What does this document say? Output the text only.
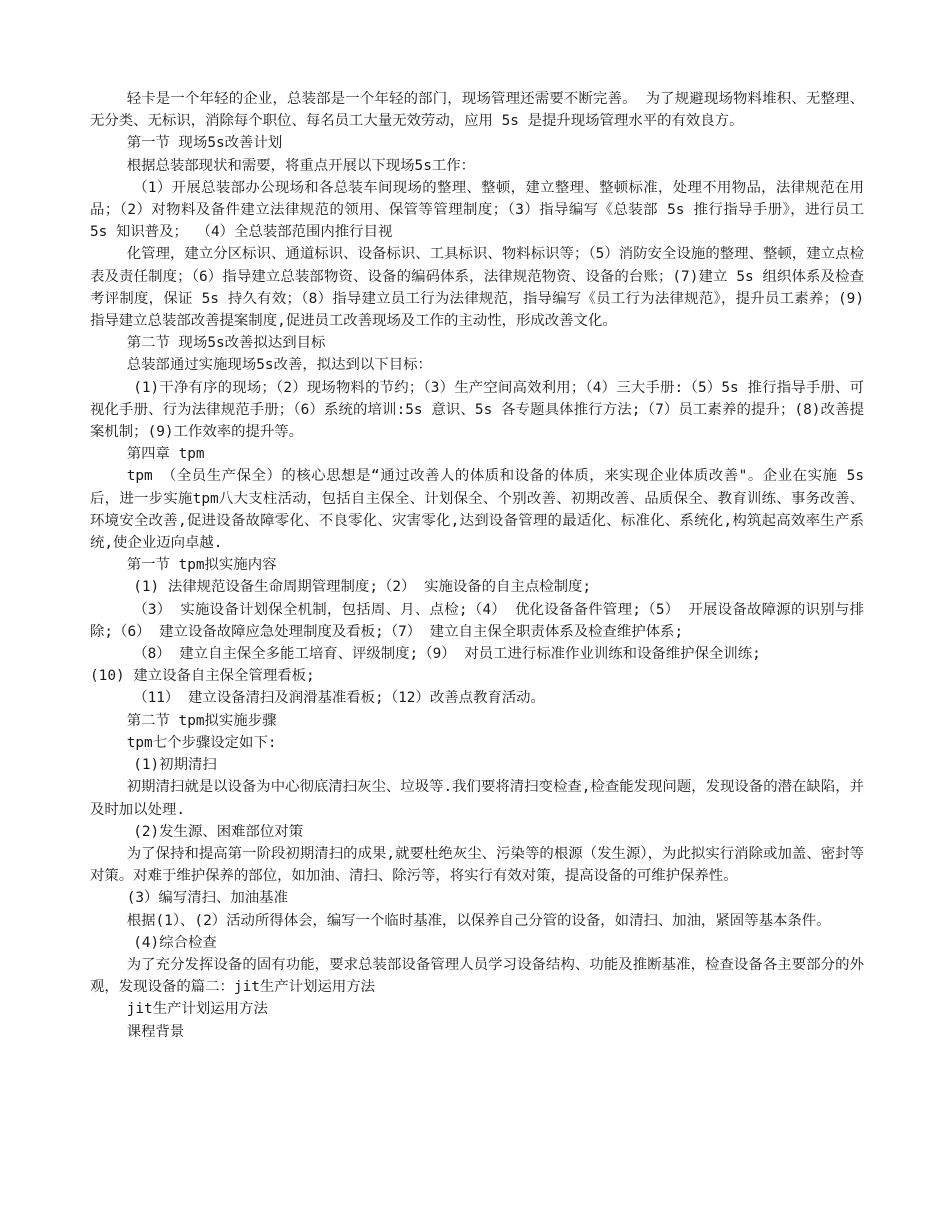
轻卡是一个年轻的企业，总装部是一个年轻的部门，现场管理还需要不断完善。 为了规避现场物料堆积、无整理、无分类、无标识，消除每个职位、每名员工大量无效劳动，应用 5s 是提升现场管理水平的有效良方。

第一节 现场5s改善计划

根据总装部现状和需要，将重点开展以下现场5s工作：

（1）开展总装部办公现场和各总装车间现场的整理、整顿，建立整理、整顿标准，处理不用物品，法律规范在用品；（2）对物料及备件建立法律规范的领用、保管等管理制度；（3）指导编写《总装部 5s 推行指导手册》，进行员工 5s 知识普及； （4）全总装部范围内推行目视

化管理，建立分区标识、通道标识、设备标识、工具标识、物料标识等；（5）消防安全设施的整理、整顿，建立点检表及责任制度；（6）指导建立总装部物资、设备的编码体系，法律规范物资、设备的台账；(7)建立 5s 组织体系及检查考评制度，保证 5s 持久有效；（8）指导建立员工行为法律规范，指导编写《员工行为法律规范》，提升员工素养；(9)指导建立总装部改善提案制度,促进员工改善现场及工作的主动性，形成改善文化。

第二节 现场5s改善拟达到目标

总装部通过实施现场5s改善，拟达到以下目标：

(1)干净有序的现场；（2）现场物料的节约；（3）生产空间高效利用；（4）三大手册:（5）5s 推行指导手册、可视化手册、行为法律规范手册；（6）系统的培训:5s 意识、5s 各专题具体推行方法;（7）员工素养的提升；(8)改善提案机制；(9)工作效率的提升等。

第四章 tpm

tpm （全员生产保全）的核心思想是“通过改善人的体质和设备的体质，来实现企业体质改善"。企业在实施 5s后，进一步实施tpm八大支柱活动，包括自主保全、计划保全、个别改善、初期改善、品质保全、教育训练、事务改善、环境安全改善,促进设备故障零化、不良零化、灾害零化,达到设备管理的最适化、标准化、系统化,构筑起高效率生产系统,使企业迈向卓越.

第一节 tpm拟实施内容

(1) 法律规范设备生命周期管理制度;（2） 实施设备的自主点检制度;

（3） 实施设备计划保全机制，包括周、月、点检;（4） 优化设备备件管理;（5） 开展设备故障源的识别与排除;（6） 建立设备故障应急处理制度及看板;（7） 建立自主保全职责体系及检查维护体系;

（8） 建立自主保全多能工培育、评级制度;（9） 对员工进行标准作业训练和设备维护保全训练;

(10) 建立设备自主保全管理看板;

（11） 建立设备清扫及润滑基准看板;（12）改善点教育活动。

第二节 tpm拟实施步骤

tpm七个步骤设定如下:

(1)初期清扫

初期清扫就是以设备为中心彻底清扫灰尘、垃圾等.我们要将清扫变检查,检查能发现问题，发现设备的潜在缺陷，并及时加以处理.

(2)发生源、困难部位对策

为了保持和提高第一阶段初期清扫的成果,就要杜绝灰尘、污染等的根源（发生源），为此拟实行消除或加盖、密封等对策。对难于维护保养的部位，如加油、清扫、除污等，将实行有效对策，提高设备的可维护保养性。

(3）编写清扫、加油基准

根据(1）、(2）活动所得体会，编写一个临时基准，以保养自己分管的设备，如清扫、加油，紧固等基本条件。

(4)综合检查

为了充分发挥设备的固有功能，要求总装部设备管理人员学习设备结构、功能及推断基准，检查设备各主要部分的外观，发现设备的篇二：jit生产计划运用方法

jit生产计划运用方法

课程背景
